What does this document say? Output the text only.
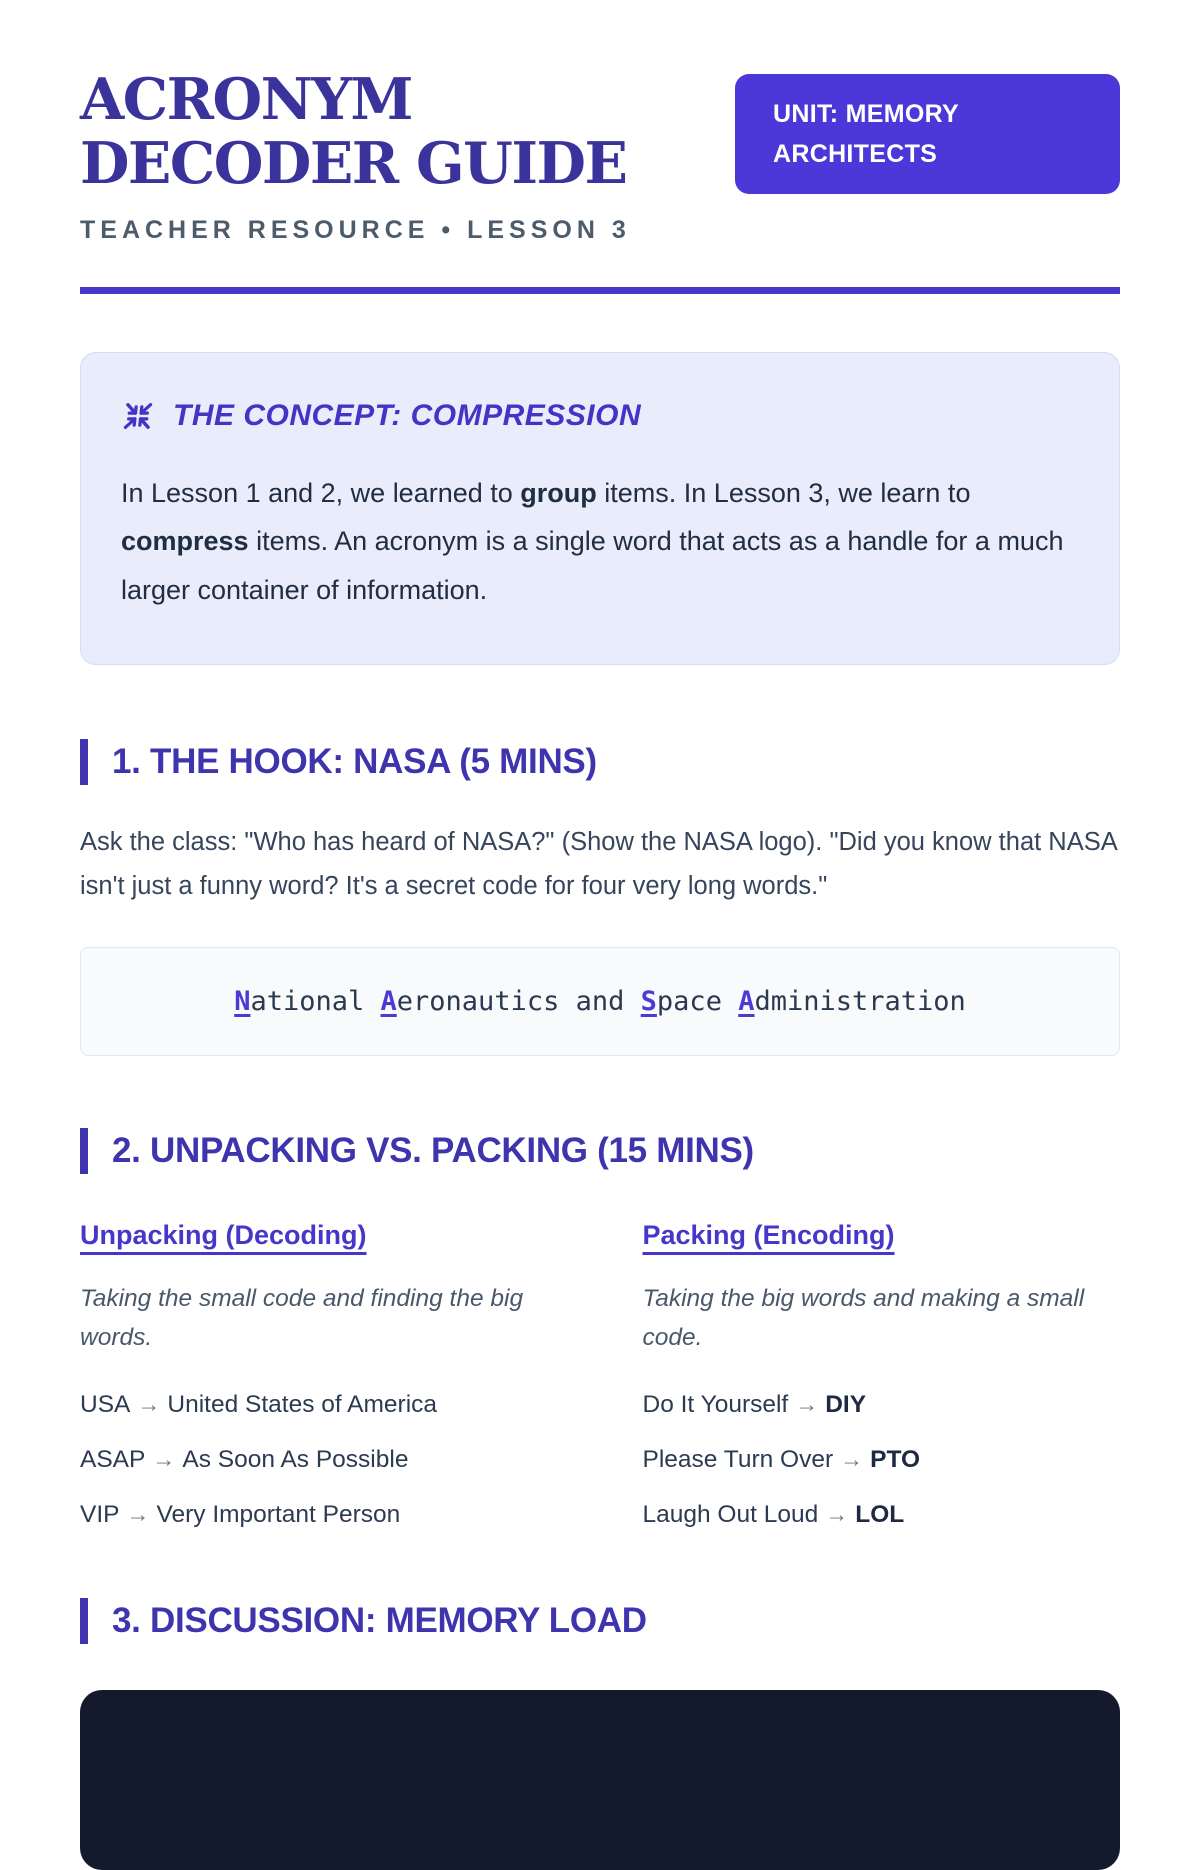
ACRONYM DECODER GUIDE
UNIT: MEMORY ARCHITECTS
TEACHER RESOURCE • LESSON 3
THE CONCEPT: COMPRESSION

In Lesson 1 and 2, we learned to group items. In Lesson 3, we learn to compress items. An acronym is a single word that acts as a handle for a much larger container of information.

1. THE HOOK: NASA (5 MINS)

Ask the class: "Who has heard of NASA?" (Show the NASA logo). "Did you know that NASA isn't just a funny word? It's a secret code for four very long words."

National Aeronautics and Space Administration
2. UNPACKING VS. PACKING (15 MINS)
Unpacking (Decoding)
Taking the small code and finding the big words.
USA → United States of America
ASAP → As Soon As Possible
VIP → Very Important Person
Packing (Encoding)
Taking the big words and making a small code.
Do It Yourself → DIY
Please Turn Over → PTO
Laugh Out Loud → LOL
3. DISCUSSION: MEMORY LOAD
